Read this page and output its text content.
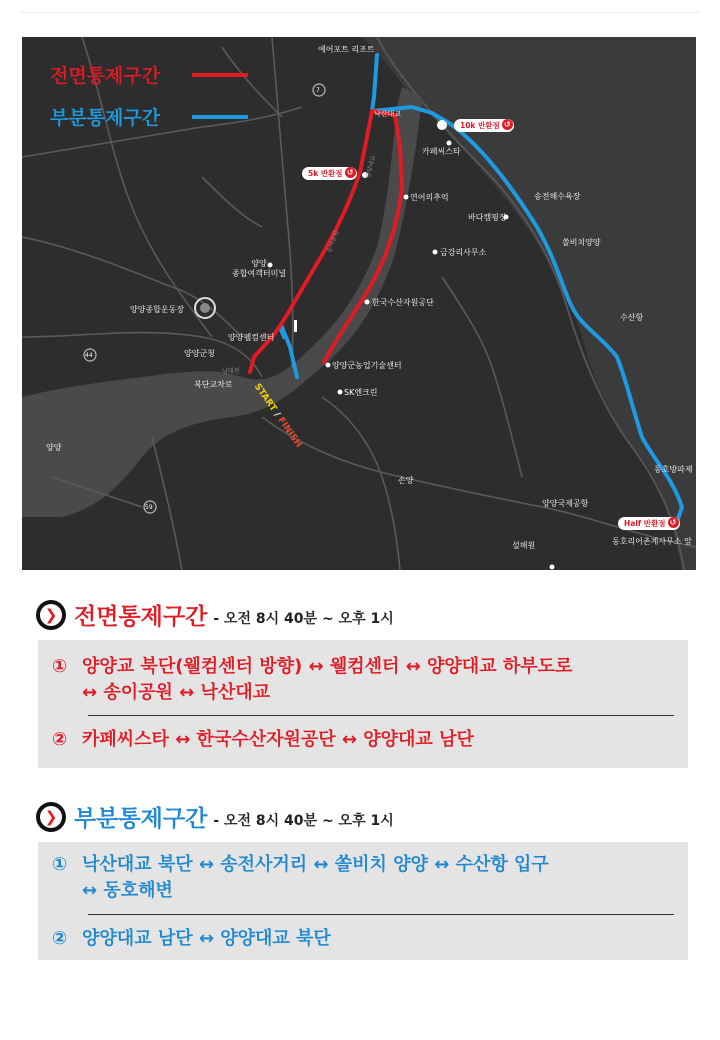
전면통제구간
부분통제구간
5k 반환점 ↺
10k 반환점 ↺
Half 반환점 ↺
START / FINISH
7
44
59
에어포트 리조트
낙산대교
카페씨스타
연어의추억
바다캠핑장
송전해수욕장
쏠비치양양
금강리사무소
양양
종합여객터미널
양양종합운동장
한국수산자원공단
양양웰컴센터
양양군청
양양군농업기술센터
북단교차로
SK엔크린
수산항
양양
손양
양양국제공항
동호방파제
동호리어촌계사무소 앞
설해원
남대천
양양대교
송이공원
❯ 전면통제구간 - 오전 8시 40분 ~ 오후 1시
① 양양교 북단(웰컴센터 방향) ↔ 웰컴센터 ↔ 양양대교 하부도로
↔ 송이공원 ↔ 낙산대교
② 카페씨스타 ↔ 한국수산자원공단 ↔ 양양대교 남단
❯ 부분통제구간 - 오전 8시 40분 ~ 오후 1시
① 낙산대교 북단 ↔ 송전사거리 ↔ 쏠비치 양양 ↔ 수산항 입구
↔ 동호해변
② 양양대교 남단 ↔ 양양대교 북단
